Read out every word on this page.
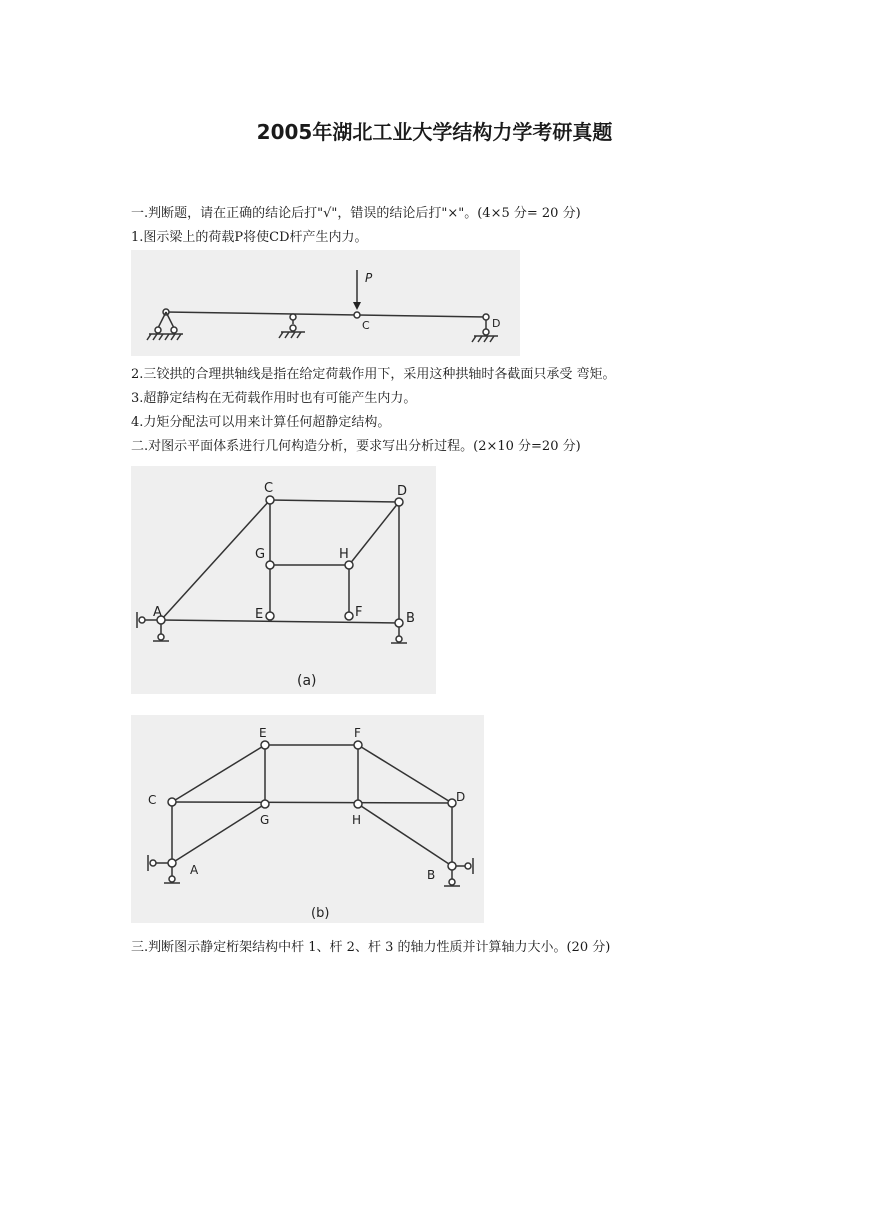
2005年湖北工业大学结构力学考研真题
一.判断题，请在正确的结论后打"√"，错误的结论后打"×"。(4×5 分= 20 分)
1.图示梁上的荷载P将使CD杆产生内力。
P
C	D
2.三铰拱的合理拱轴线是指在给定荷载作用下，采用这种拱轴时各截面只承受 弯矩。
3.超静定结构在无荷载作用时也有可能产生内力。
4.力矩分配法可以用来计算任何超静定结构。
二.对图示平面体系进行几何构造分析，要求写出分析过程。(2×10 分=20 分)
A	B
C	D
E	F
G	H
(a)
A	B
C	D
E	F
G	H
(b)
三.判断图示静定桁架结构中杆 1、杆 2、杆 3 的轴力性质并计算轴力大小。(20 分)
